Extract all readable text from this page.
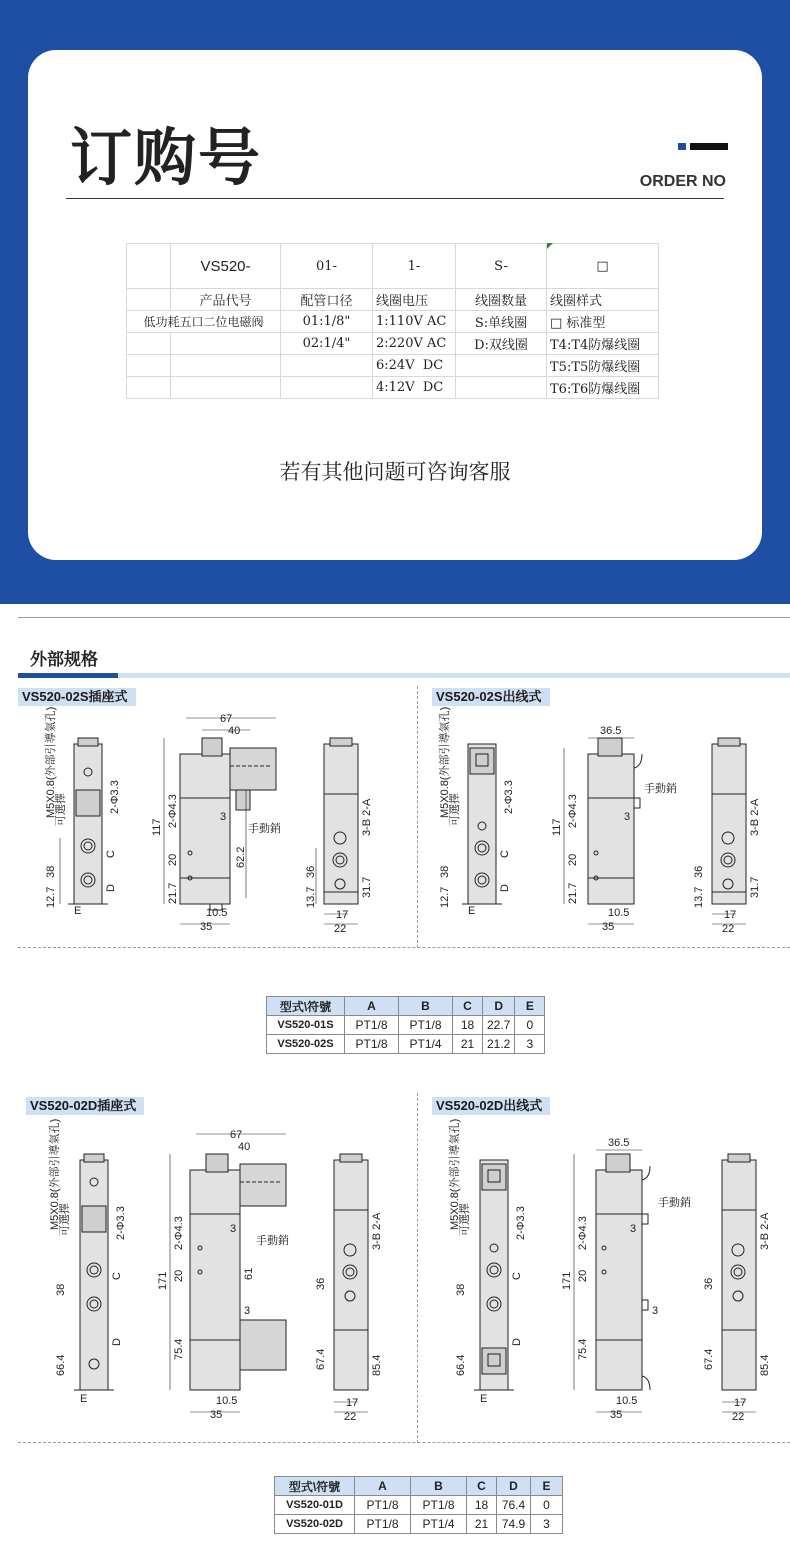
订购号	ORDER NO
	VS520-	01-	1-	S-	□
	产品代号	配管口径	线圈电压	线圈数量	线圈样式
低功耗五口二位电磁阀		01:1/8"	1:110V AC	S:单线圈	□ 标准型
		02:1/4"	2:220V AC	D:双线圈	T4:T4防爆线圈
			6:24V  DC		T5:T5防爆线圈
			4:12V  DC		T6:T6防爆线圈
若有其他问题可咨询客服
外部规格
VS520-02S插座式	VS520-02S出线式
VS520-02D插座式	VS520-02D出线式
M5X0.8(外部引導氣孔)
可選擇	2-Φ3.3
38
12.7
C
D
E
67
40
117 2-Φ4.3
21.7
20	62.2
3
手動銷
10.5
35
3-B 2-A
36
13.7	31.7
17
22
M5X0.8(外部引導氣孔)
可選擇	2-Φ3.3
38
12.7
C
D
E
36.5
117 2-Φ4.3
21.7
20
3
手動銷
10.5
35
3-B 2-A
36
13.7	31.7
17
22
型式\符號	A	B	C	D	E
VS520-01S	PT1/8	PT1/8	18	22.7	0
VS520-02S	PT1/8	PT1/4	21	21.2	3
M5X0.8(外部引導氣孔)
可選擇	2-Φ3.3
38
66.4
C
D
E
67
40
171
2-Φ4.3
20
75.4
61
3
3
手動銷
10.5
35
3-B 2-A
36
67.4	85.4
17
22
M5X0.8(外部引導氣孔)
可選擇	2-Φ3.3
38
66.4
C
D
E
36.5
171
2-Φ4.3
20
75.4
3
3
手動銷
10.5
35
3-B 2-A
36
67.4	85.4
17
22
型式\符號	A	B	C	D	E
VS520-01D	PT1/8	PT1/8	18	76.4	0
VS520-02D	PT1/8	PT1/4	21	74.9	3
